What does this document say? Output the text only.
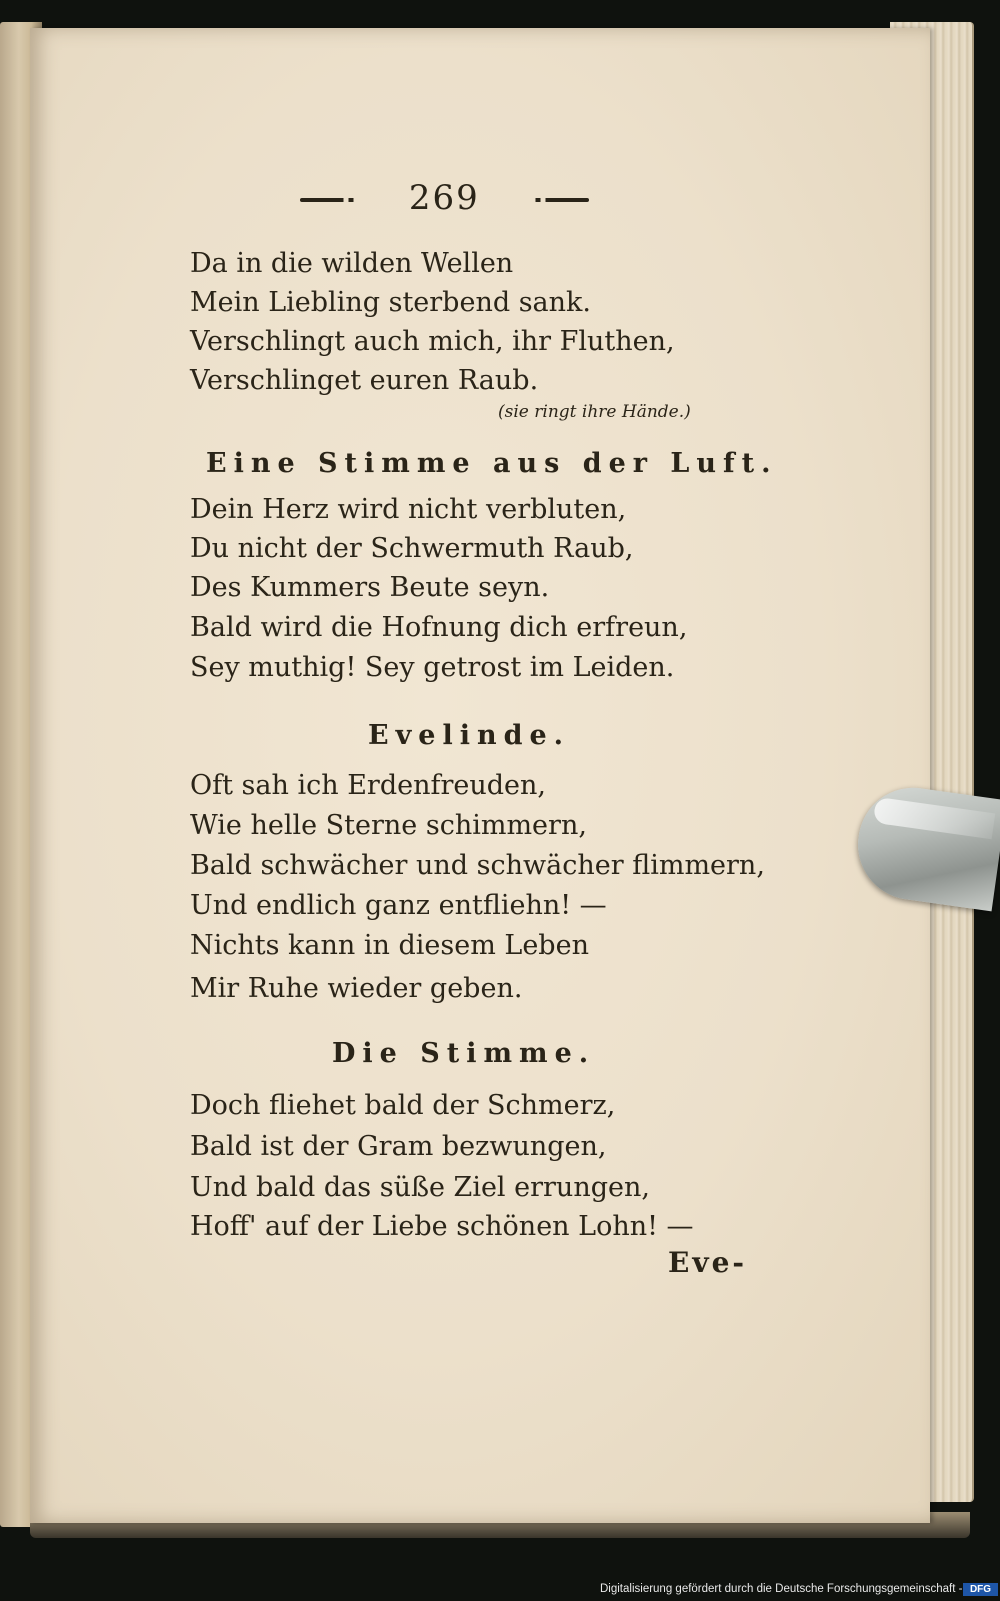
269
Da in die wilden Wellen
Mein Liebling sterbend sank.
Verschlingt auch mich, ihr Fluthen,
Verschlinget euren Raub.
(sie ringt ihre Hände.)
Eine Stimme aus der Luft.
Dein Herz wird nicht verbluten,
Du nicht der Schwermuth Raub,
Des Kummers Beute seyn.
Bald wird die Hofnung dich erfreun,
Sey muthig! Sey getrost im Leiden.
Evelinde.
Oft sah ich Erdenfreuden,
Wie helle Sterne schimmern,
Bald schwächer und schwächer flimmern,
Und endlich ganz entfliehn! —
Nichts kann in diesem Leben
Mir Ruhe wieder geben.
Die Stimme.
Doch fliehet bald der Schmerz,
Bald ist der Gram bezwungen,
Und bald das süße Ziel errungen,
Hoff' auf der Liebe schönen Lohn! —
Eve-
Digitalisierung gefördert durch die Deutsche Forschungsgemeinschaft - DFG
